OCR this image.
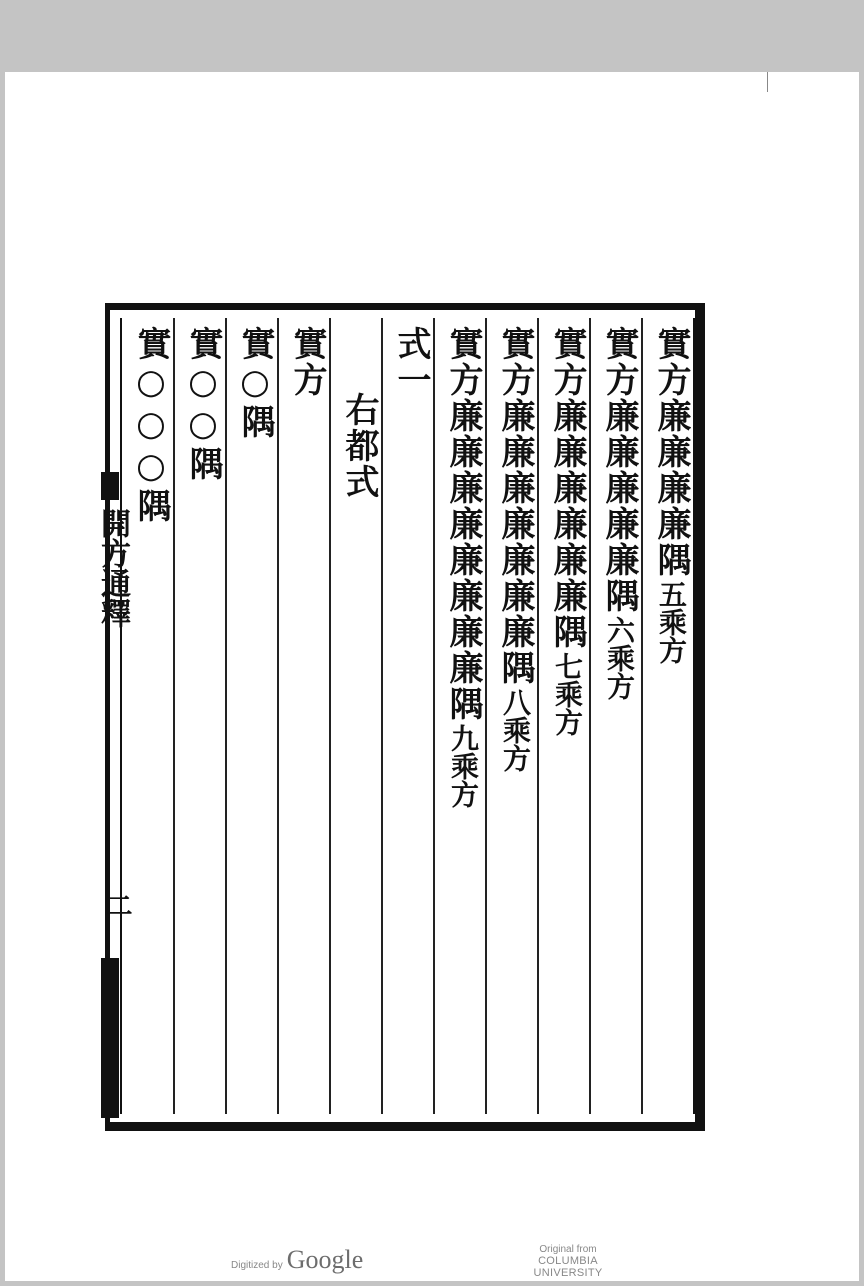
實方廉廉廉廉隅
五乘方
實方廉廉廉廉廉隅
六乘方
實方廉廉廉廉廉廉隅
七乘方
實方廉廉廉廉廉廉廉隅
八乘方
實方廉廉廉廉廉廉廉廉隅
九乘方
式一
右都式
實方
實○隅
實○○隅
實○○○隅
開方通釋
二
Digitized by Google	Original from
COLUMBIA UNIVERSITY
